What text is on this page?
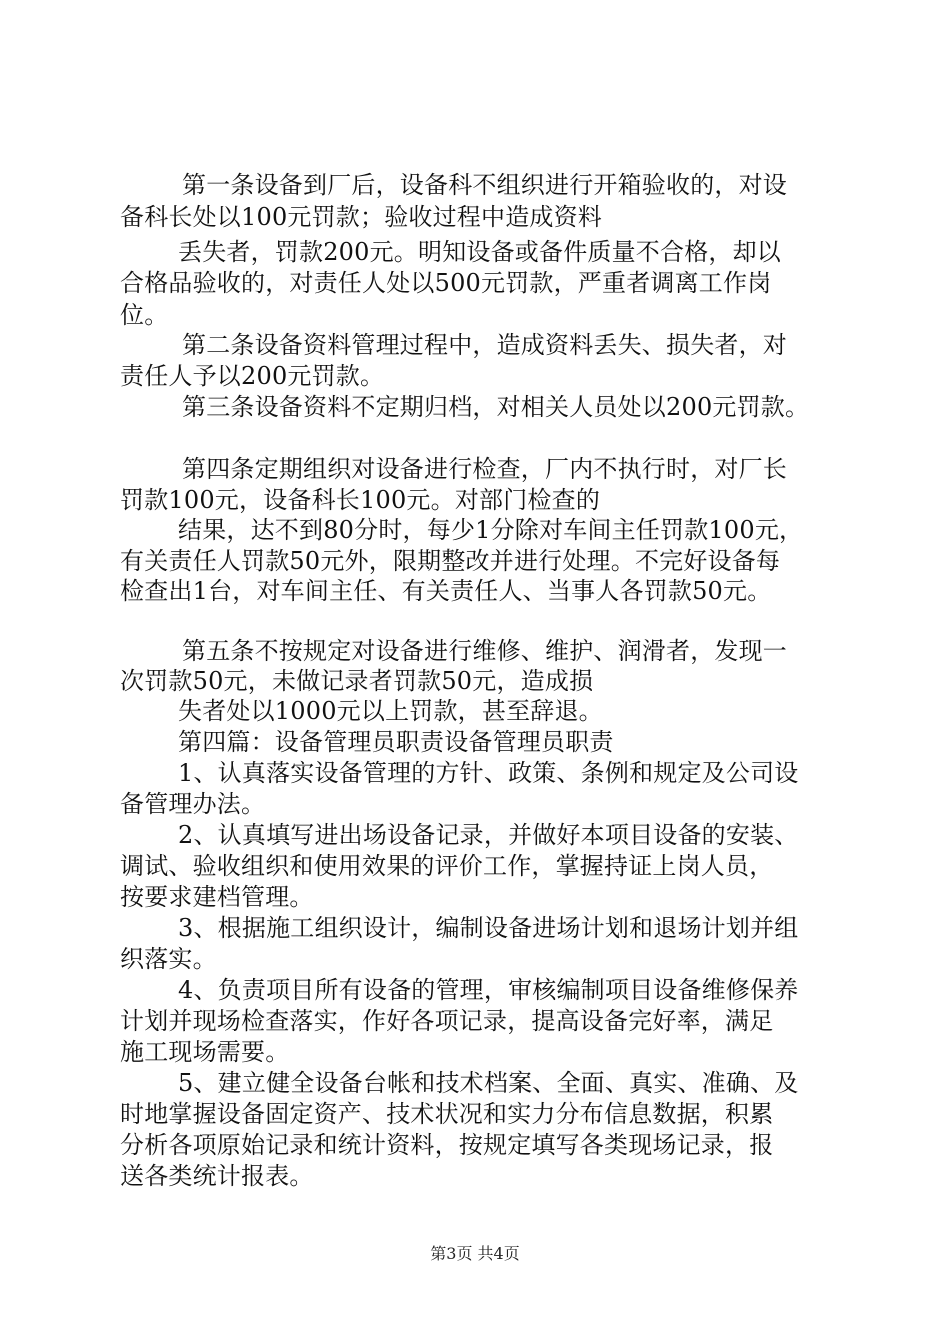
第一条设备到厂后，设备科不组织进行开箱验收的，对设
备科长处以100元罚款；验收过程中造成资料
丢失者，罚款200元。明知设备或备件质量不合格，却以
合格品验收的，对责任人处以500元罚款，严重者调离工作岗
位。
第二条设备资料管理过程中，造成资料丢失、损失者，对
责任人予以200元罚款。
第三条设备资料不定期归档，对相关人员处以200元罚款。
第四条定期组织对设备进行检查，厂内不执行时，对厂长
罚款100元，设备科长100元。对部门检查的
结果，达不到80分时，每少1分除对车间主任罚款100元，
有关责任人罚款50元外，限期整改并进行处理。不完好设备每
检查出1台，对车间主任、有关责任人、当事人各罚款50元。
第五条不按规定对设备进行维修、维护、润滑者，发现一
次罚款50元，未做记录者罚款50元，造成损
失者处以1000元以上罚款，甚至辞退。
第四篇：设备管理员职责设备管理员职责
1、认真落实设备管理的方针、政策、条例和规定及公司设
备管理办法。
2、认真填写进出场设备记录，并做好本项目设备的安装、
调试、验收组织和使用效果的评价工作，掌握持证上岗人员，
按要求建档管理。
3、根据施工组织设计，编制设备进场计划和退场计划并组
织落实。
4、负责项目所有设备的管理，审核编制项目设备维修保养
计划并现场检查落实，作好各项记录，提高设备完好率，满足
施工现场需要。
5、建立健全设备台帐和技术档案、全面、真实、准确、及
时地掌握设备固定资产、技术状况和实力分布信息数据，积累
分析各项原始记录和统计资料，按规定填写各类现场记录，报
送各类统计报表。
第3页 共4页
